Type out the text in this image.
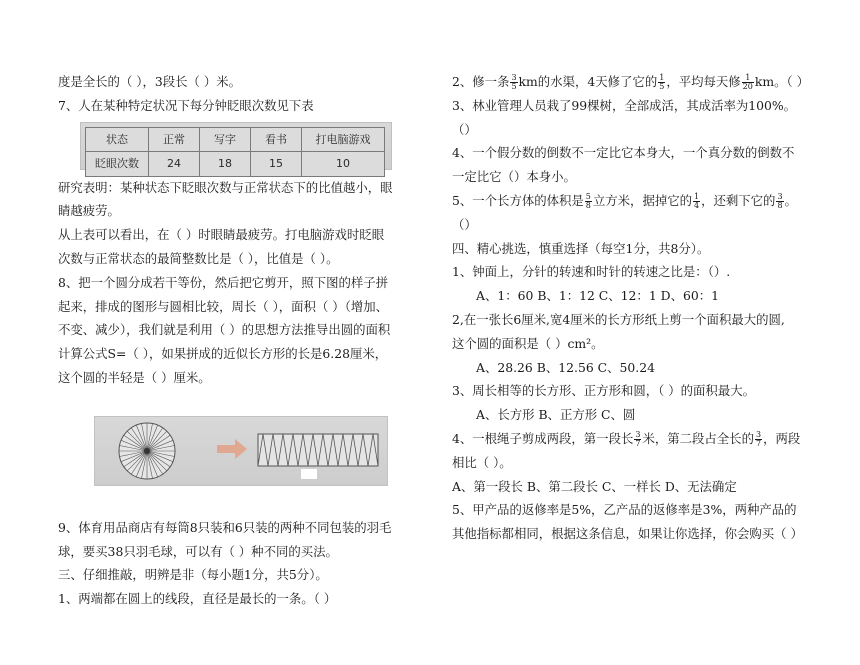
度是全长的（ ），3段长（ ）米。
7、人在某种特定状况下每分钟眨眼次数见下表
状态	正常	写字	看书	打电脑游戏
眨眼次数	24	18	15	10
研究表明：某种状态下眨眼次数与正常状态下的比值越小，眼睛越疲劳。
从上表可以看出，在（ ）时眼睛最疲劳。打电脑游戏时眨眼次数与正常状态的最简整数比是（ ），比值是（ ）。
8、把一个圆分成若干等份，然后把它剪开，照下图的样子拼起来，排成的图形与圆相比较，周长（ ），面积（ ）（增加、不变、减少），我们就是利用（ ）的思想方法推导出圆的面积计算公式S=（ ），如果拼成的近似长方形的长是6.28厘米，这个圆的半轻是（ ）厘米。
9、体育用品商店有每筒8只装和6只装的两种不同包装的羽毛球，要买38只羽毛球，可以有（ ）种不同的买法。
三、仔细推敲，明辨是非（每小题1分，共5分）。
1、两端都在圆上的线段，直径是最长的一条。（ ）
2、修一条 $\frac{3}{5}$ km的水渠，4天修了它的 $\frac{1}{5}$ ，平均每天修 $\frac{1}{20}$ km。（ ）
3、林业管理人员栽了99棵树，全部成活，其成活率为100%。
（）
4、一个假分数的倒数不一定比它本身大，一个真分数的倒数不
一定比它（）本身小。
5、一个长方体的体积是 $\frac{5}{8}$ 立方米，据掉它的 $\frac{1}{4}$ ，还剩下它的 $\frac{3}{8}$ 。
（）
四、精心挑选，慎重选择（每空1分，共8分）。
1、钟面上，分针的转速和时针的转速之比是：（）.
A、1：60 B、1：12 C、12：1 D、60：1
2,在一张长6厘米,宽4厘米的长方形纸上剪一个面积最大的圆,
这个圆的面积是（ ）cm²。
A、28.26 B、12.56 C、50.24
3、周长相等的长方形、正方形和圆，（ ）的面积最大。
A、长方形 B、正方形 C、圆
4、一根绳子剪成两段，第一段长 $\frac{3}{7}$ 米，第二段占全长的 $\frac{3}{7}$ ，两段
相比（ ）。
A、第一段长 B、第二段长 C、一样长 D、无法确定
5、甲产品的返修率是5%，乙产品的返修率是3%，两种产品的
其他指标都相同，根据这条信息，如果让你选择，你会购买（ ）
